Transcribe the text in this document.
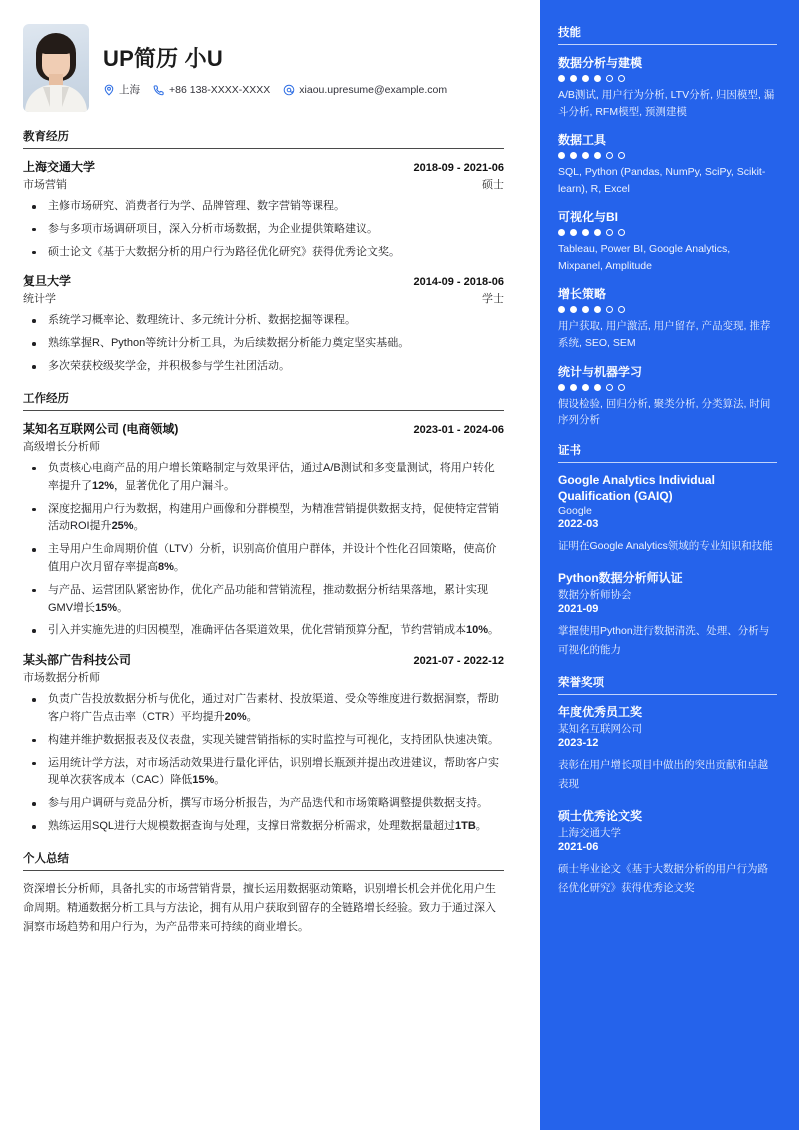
UP简历 小U
上海	+86 138-XXXX-XXXX	xiaou.upresume@example.com
教育经历
上海交通大学	2018-09 - 2021-06
市场营销	硕士
主修市场研究、消费者行为学、品牌管理、数字营销等课程。
参与多项市场调研项目，深入分析市场数据，为企业提供策略建议。
硕士论文《基于大数据分析的用户行为路径优化研究》获得优秀论文奖。
复旦大学	2014-09 - 2018-06
统计学	学士
系统学习概率论、数理统计、多元统计分析、数据挖掘等课程。
熟练掌握R、Python等统计分析工具，为后续数据分析能力奠定坚实基础。
多次荣获校级奖学金，并积极参与学生社团活动。
工作经历
某知名互联网公司 (电商领域)	2023-01 - 2024-06
高级增长分析师
负责核心电商产品的用户增长策略制定与效果评估，通过A/B测试和多变量测试，将用户转化率提升了12%，显著优化了用户漏斗。
深度挖掘用户行为数据，构建用户画像和分群模型，为精准营销提供数据支持，促使特定营销活动ROI提升25%。
主导用户生命周期价值（LTV）分析，识别高价值用户群体，并设计个性化召回策略，使高价值用户次月留存率提高8%。
与产品、运营团队紧密协作，优化产品功能和营销流程，推动数据分析结果落地，累计实现GMV增长15%。
引入并实施先进的归因模型，准确评估各渠道效果，优化营销预算分配，节约营销成本10%。
某头部广告科技公司	2021-07 - 2022-12
市场数据分析师
负责广告投放数据分析与优化，通过对广告素材、投放渠道、受众等维度进行数据洞察，帮助客户将广告点击率（CTR）平均提升20%。
构建并维护数据报表及仪表盘，实现关键营销指标的实时监控与可视化，支持团队快速决策。
运用统计学方法，对市场活动效果进行量化评估，识别增长瓶颈并提出改进建议，帮助客户实现单次获客成本（CAC）降低15%。
参与用户调研与竞品分析，撰写市场分析报告，为产品迭代和市场策略调整提供数据支持。
熟练运用SQL进行大规模数据查询与处理，支撑日常数据分析需求，处理数据量超过1TB。
个人总结
资深增长分析师，具备扎实的市场营销背景，擅长运用数据驱动策略，识别增长机会并优化用户生命周期。精通数据分析工具与方法论，拥有从用户获取到留存的全链路增长经验。致力于通过深入洞察市场趋势和用户行为，为产品带来可持续的商业增长。
技能
数据分析与建模
A/B测试, 用户行为分析, LTV分析, 归因模型, 漏斗分析, RFM模型, 预测建模
数据工具
SQL, Python (Pandas, NumPy, SciPy, Scikit-learn), R, Excel
可视化与BI
Tableau, Power BI, Google Analytics, Mixpanel, Amplitude
增长策略
用户获取, 用户激活, 用户留存, 产品变现, 推荐系统, SEO, SEM
统计与机器学习
假设检验, 回归分析, 聚类分析, 分类算法, 时间序列分析
证书
Google Analytics Individual Qualification (GAIQ)
Google
2022-03
证明在Google Analytics领域的专业知识和技能
Python数据分析师认证
数据分析师协会
2021-09
掌握使用Python进行数据清洗、处理、分析与可视化的能力
荣誉奖项
年度优秀员工奖
某知名互联网公司
2023-12
表彰在用户增长项目中做出的突出贡献和卓越表现
硕士优秀论文奖
上海交通大学
2021-06
硕士毕业论文《基于大数据分析的用户行为路径优化研究》获得优秀论文奖
